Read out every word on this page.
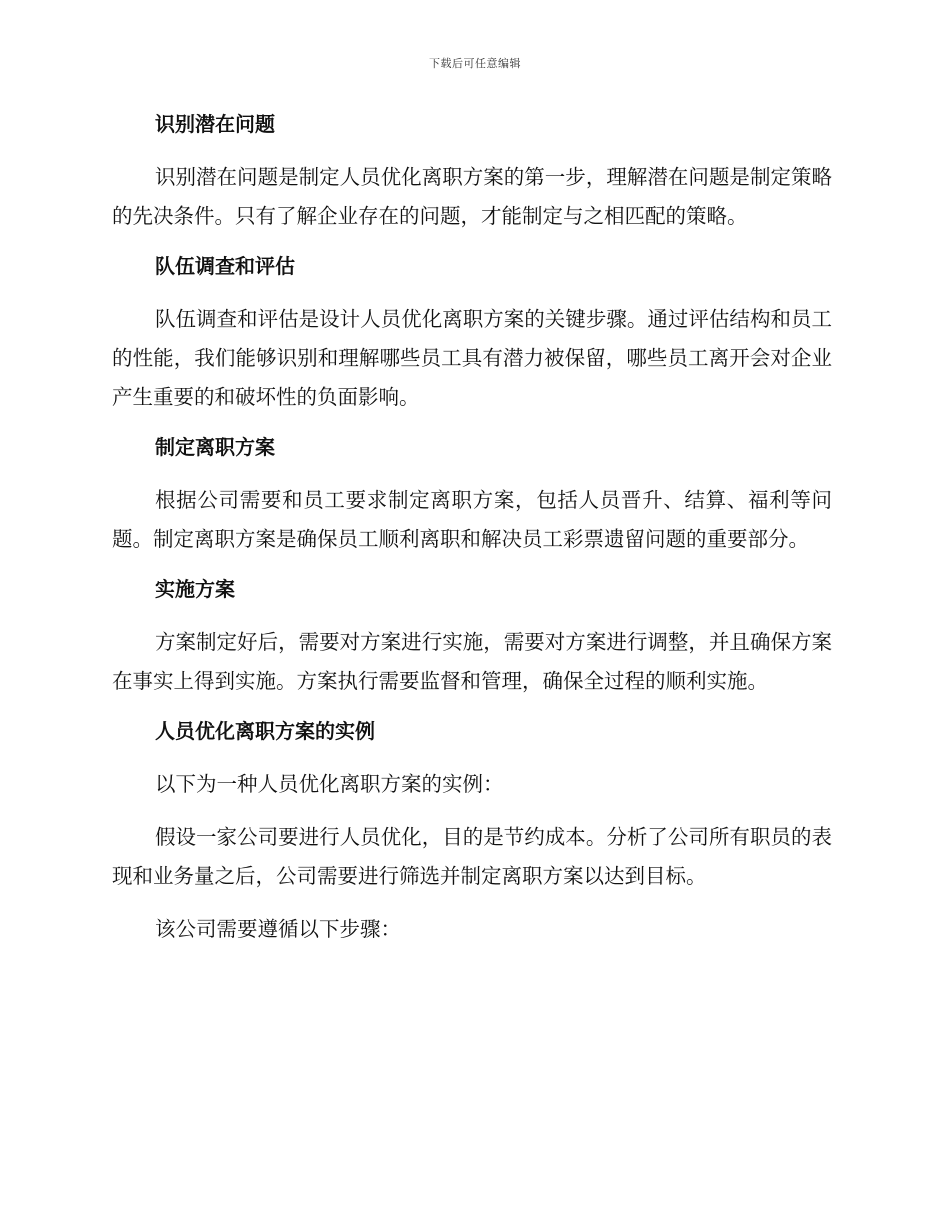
下载后可任意编辑
识别潜在问题
识别潜在问题是制定人员优化离职方案的第一步，理解潜在问题是制定策略的先决条件。只有了解企业存在的问题，才能制定与之相匹配的策略。
队伍调查和评估
队伍调查和评估是设计人员优化离职方案的关键步骤。通过评估结构和员工的性能，我们能够识别和理解哪些员工具有潜力被保留，哪些员工离开会对企业产生重要的和破坏性的负面影响。
制定离职方案
根据公司需要和员工要求制定离职方案，包括人员晋升、结算、福利等问题。制定离职方案是确保员工顺利离职和解决员工彩票遗留问题的重要部分。
实施方案
方案制定好后，需要对方案进行实施，需要对方案进行调整，并且确保方案在事实上得到实施。方案执行需要监督和管理，确保全过程的顺利实施。
人员优化离职方案的实例
以下为一种人员优化离职方案的实例：
假设一家公司要进行人员优化，目的是节约成本。分析了公司所有职员的表现和业务量之后，公司需要进行筛选并制定离职方案以达到目标。
该公司需要遵循以下步骤：
